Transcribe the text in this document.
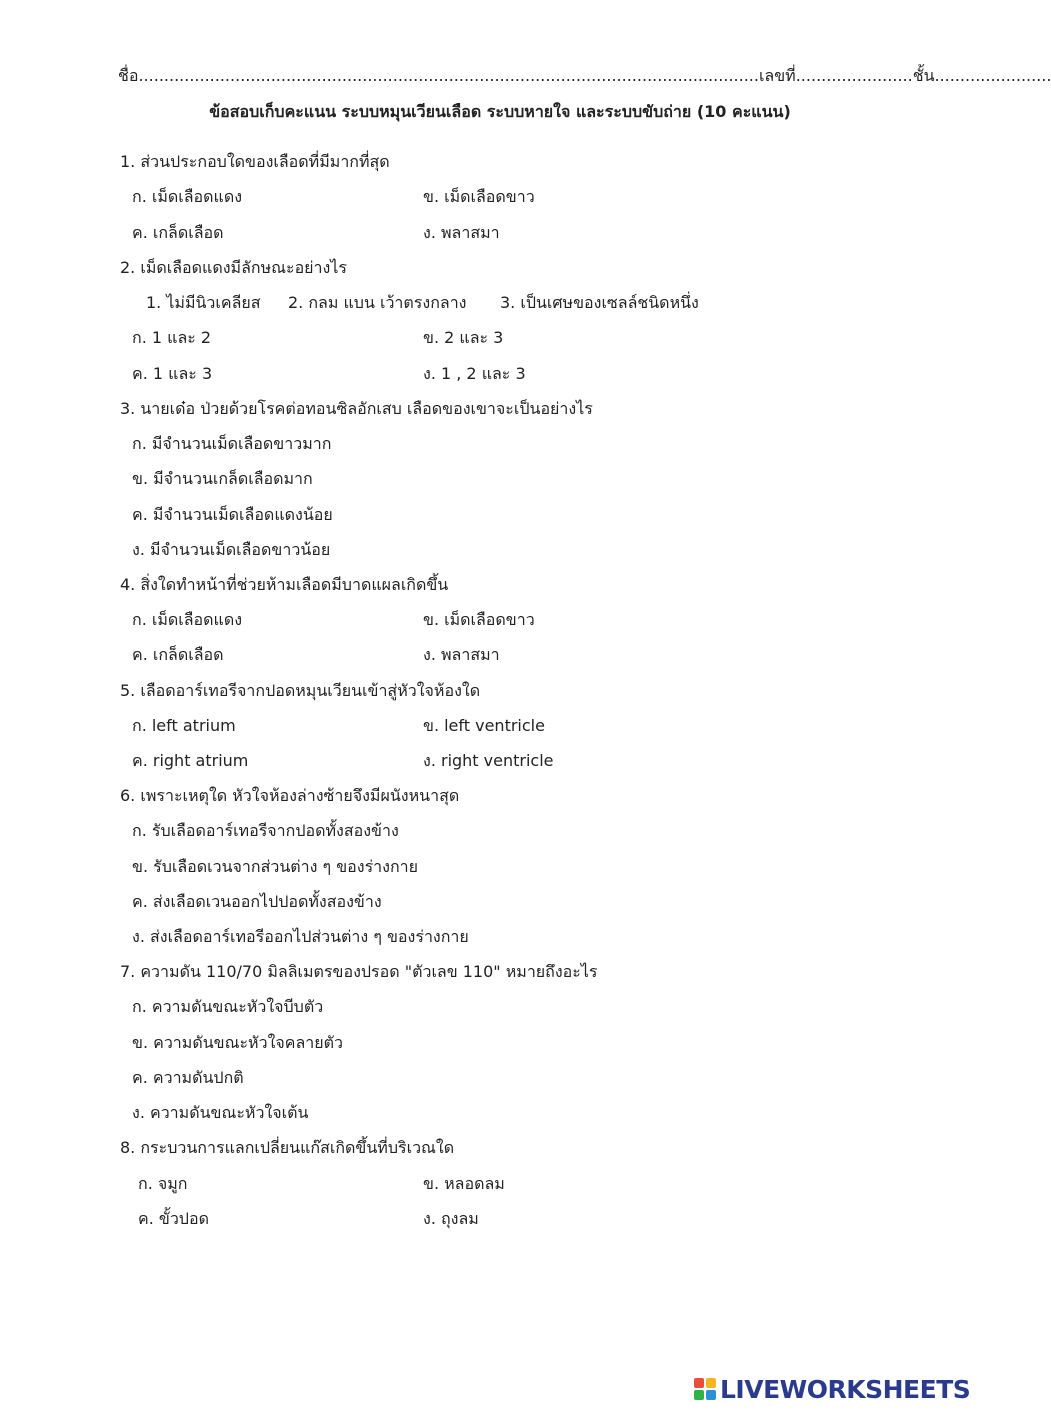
ชื่อ..........................................................................................................................เลขที่.......................ชั้น.......................
ข้อสอบเก็บคะแนน ระบบหมุนเวียนเลือด ระบบหายใจ และระบบขับถ่าย (10 คะแนน)
1. ส่วนประกอบใดของเลือดที่มีมากที่สุด
ก. เม็ดเลือดแดง	ข. เม็ดเลือดขาว
ค. เกล็ดเลือด	ง. พลาสมา
2. เม็ดเลือดแดงมีลักษณะอย่างไร
1. ไม่มีนิวเคลียส 2. กลม แบน เว้าตรงกลาง 3. เป็นเศษของเซลล์ชนิดหนึ่ง
ก. 1 และ 2	ข. 2 และ 3
ค. 1 และ 3	ง. 1 , 2 และ 3
3. นายเด๋อ ป่วยด้วยโรคต่อทอนซิลอักเสบ เลือดของเขาจะเป็นอย่างไร
ก. มีจำนวนเม็ดเลือดขาวมาก
ข. มีจำนวนเกล็ดเลือดมาก
ค. มีจำนวนเม็ดเลือดแดงน้อย
ง. มีจำนวนเม็ดเลือดขาวน้อย
4. สิ่งใดทำหน้าที่ช่วยห้ามเลือดมีบาดแผลเกิดขึ้น
ก. เม็ดเลือดแดง	ข. เม็ดเลือดขาว
ค. เกล็ดเลือด	ง. พลาสมา
5. เลือดอาร์เทอรีจากปอดหมุนเวียนเข้าสู่หัวใจห้องใด
ก. left atrium	ข. left ventricle
ค. right atrium	ง. right ventricle
6. เพราะเหตุใด หัวใจห้องล่างซ้ายจึงมีผนังหนาสุด
ก. รับเลือดอาร์เทอรีจากปอดทั้งสองข้าง
ข. รับเลือดเวนจากส่วนต่าง ๆ ของร่างกาย
ค. ส่งเลือดเวนออกไปปอดทั้งสองข้าง
ง. ส่งเลือดอาร์เทอรีออกไปส่วนต่าง ๆ ของร่างกาย
7. ความดัน 110/70 มิลลิเมตรของปรอด "ตัวเลข 110" หมายถึงอะไร
ก. ความดันขณะหัวใจบีบตัว
ข. ความดันขณะหัวใจคลายตัว
ค. ความดันปกติ
ง. ความดันขณะหัวใจเต้น
8. กระบวนการแลกเปลี่ยนแก๊สเกิดขึ้นที่บริเวณใด
ก. จมูก	ข. หลอดลม
ค. ขั้วปอด	ง. ถุงลม
LIVEWORKSHEETS
